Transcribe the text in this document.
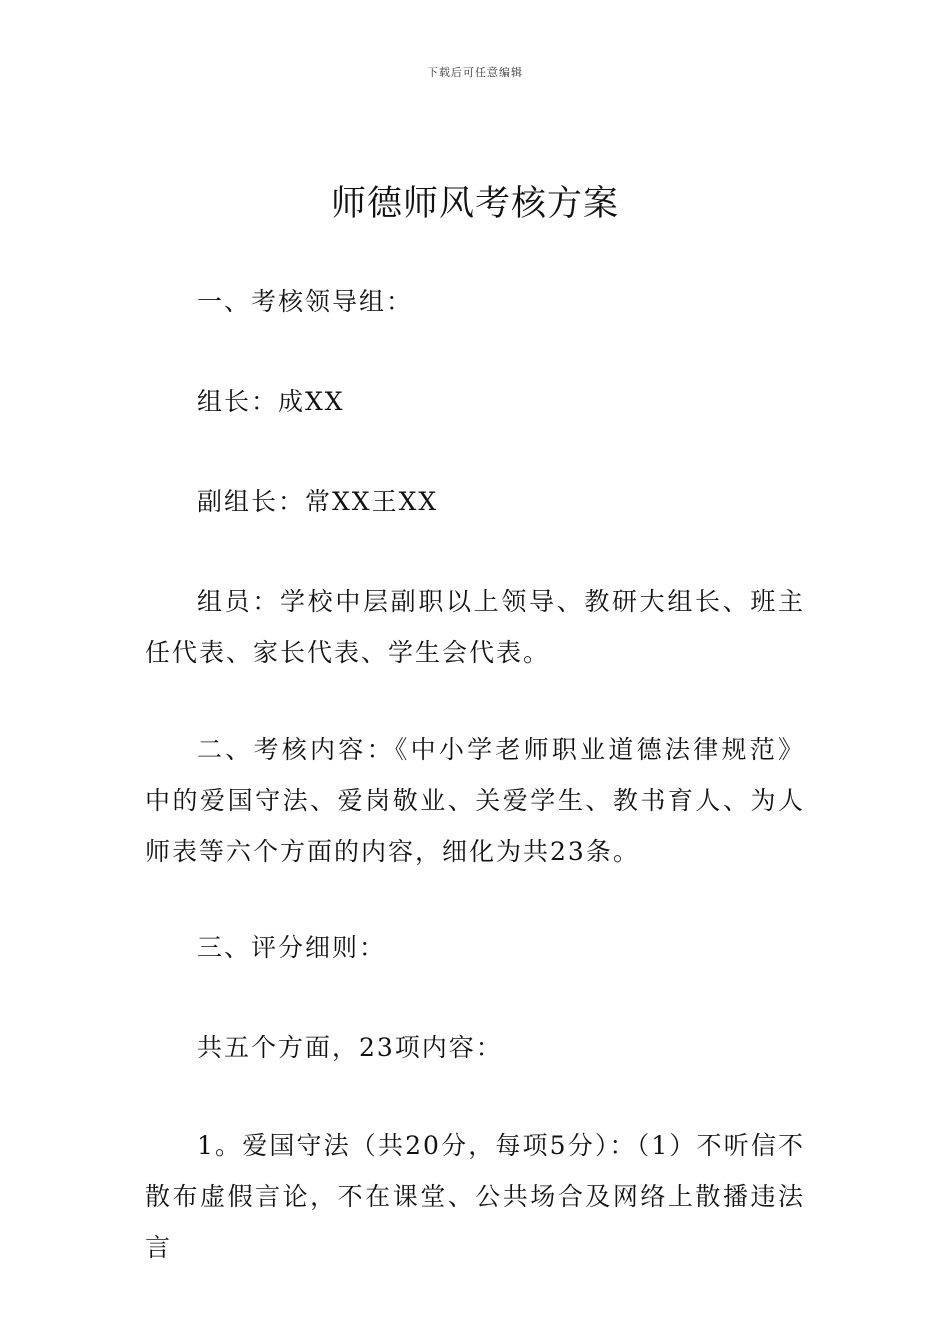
下载后可任意编辑
师德师风考核方案

一、考核领导组：

组长：成XX

副组长：常XX王XX

组员：学校中层副职以上领导、教研大组长、班主任代表、家长代表、学生会代表。

二、考核内容：《中小学老师职业道德法律规范》中的爱国守法、爱岗敬业、关爱学生、教书育人、为人师表等六个方面的内容，细化为共23条。

三、评分细则：

共五个方面，23项内容：

1。爱国守法（共20分，每项5分）：（1）不听信不散布虚假言论，不在课堂、公共场合及网络上散播违法言
